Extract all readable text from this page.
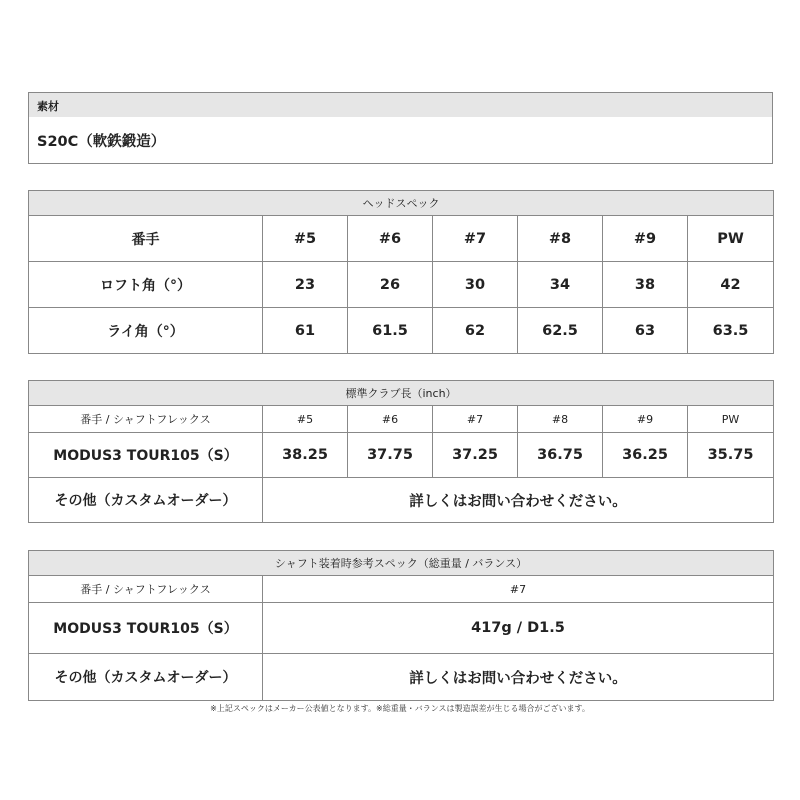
素材
S20C（軟鉄鍛造）
ヘッドスペック						
番手	#5	#6	#7	#8	#9	PW
ロフト角（°）	23	26	30	34	38	42
ライ角（°）	61	61.5	62	62.5	63	63.5
標準クラブ長（inch）						
番手 / シャフトフレックス	#5	#6	#7	#8	#9	PW
MODUS3 TOUR105（S）	38.25	37.75	37.25	36.75	36.25	35.75
その他（カスタムオーダー）	詳しくはお問い合わせください。					
シャフト装着時参考スペック（総重量 / バランス）	
番手 / シャフトフレックス	#7
MODUS3 TOUR105（S）	417g / D1.5
その他（カスタムオーダー）	詳しくはお問い合わせください。
※上記スペックはメーカー公表値となります。※総重量・バランスは製造誤差が生じる場合がございます。
